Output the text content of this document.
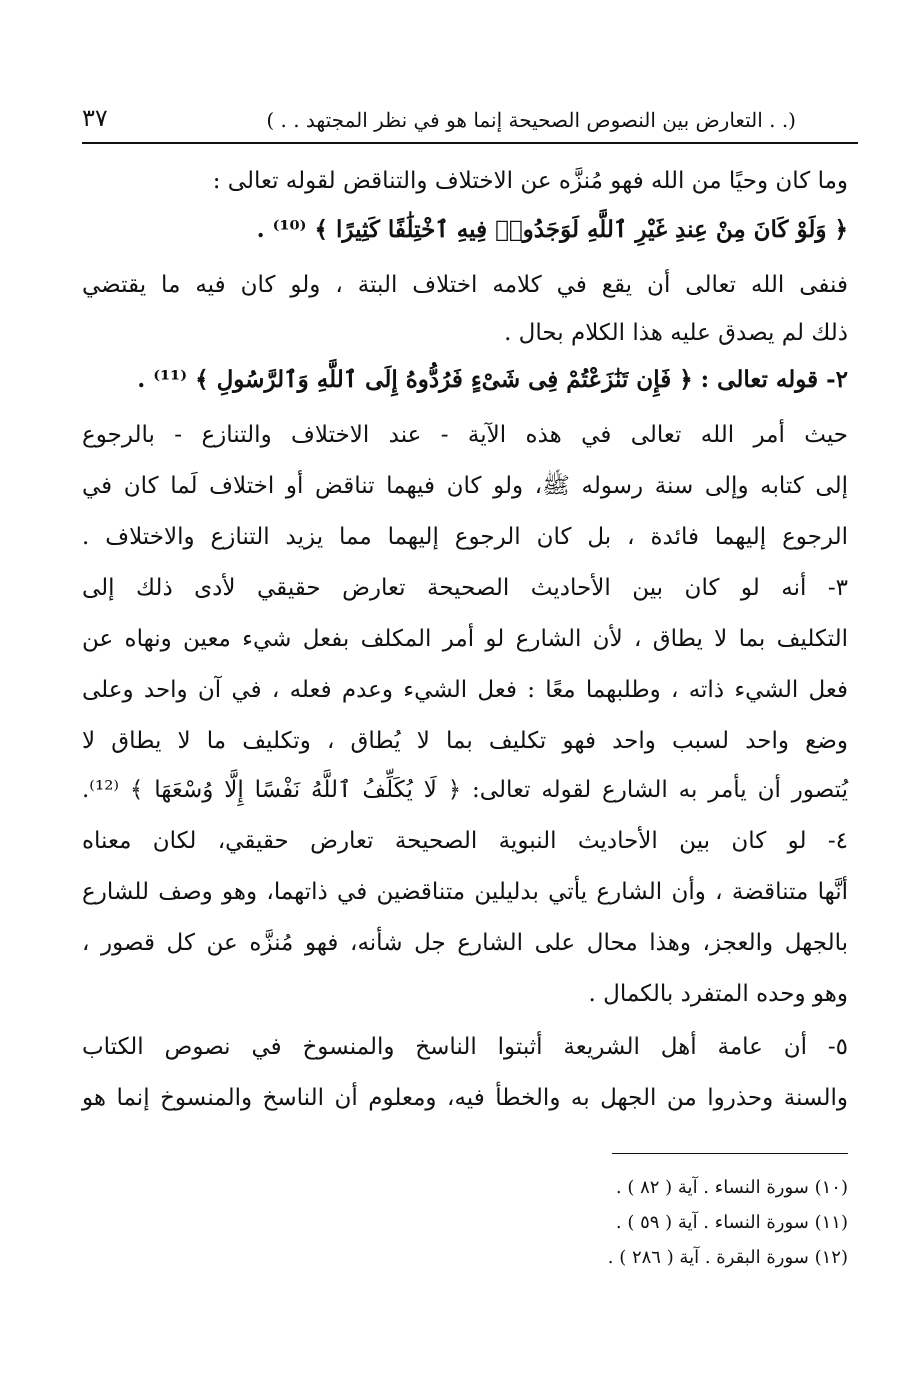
(. . التعارض بين النصوص الصحيحة إنما هو في نظر المجتهد . . )
٣٧
وما كان وحيًا من الله فهو مُنزَّه عن الاختلاف والتناقض لقوله تعالى :
﴿ وَلَوْ كَانَ مِنْ عِندِ غَيْرِ ٱللَّهِ لَوَجَدُوا۟ فِيهِ ٱخْتِلَٰفًا كَثِيرًا ﴾ ⁽¹⁰⁾ .
فنفى الله تعالى أن يقع في كلامه اختلاف البتة ، ولو كان فيه ما يقتضي
ذلك لم يصدق عليه هذا الكلام بحال .
٢- قوله تعالى : ﴿ فَإِن تَنَٰزَعْتُمْ فِى شَىْءٍ فَرُدُّوهُ إِلَى ٱللَّهِ وَٱلرَّسُولِ ﴾ ⁽¹¹⁾ .
حيث أمر الله تعالى في هذه الآية - عند الاختلاف والتنازع - بالرجوع
إلى كتابه وإلى سنة رسوله ﷺ، ولو كان فيهما تناقض أو اختلاف لَما كان في
الرجوع إليهما فائدة ، بل كان الرجوع إليهما مما يزيد التنازع والاختلاف .
٣- أنه لو كان بين الأحاديث الصحيحة تعارض حقيقي لأدى ذلك إلى
التكليف بما لا يطاق ، لأن الشارع لو أمر المكلف بفعل شيء معين ونهاه عن
فعل الشيء ذاته ، وطلبهما معًا : فعل الشيء وعدم فعله ، في آن واحد وعلى
وضع واحد لسبب واحد فهو تكليف بما لا يُطاق ، وتكليف ما لا يطاق لا
يُتصور أن يأمر به الشارع لقوله تعالى: ﴿ لَا يُكَلِّفُ ٱللَّهُ نَفْسًا إِلَّا وُسْعَهَا ﴾ ⁽¹²⁾.
٤- لو كان بين الأحاديث النبوية الصحيحة تعارض حقيقي، لكان معناه
أنَّها متناقضة ، وأن الشارع يأتي بدليلين متناقضين في ذاتهما، وهو وصف للشارع
بالجهل والعجز، وهذا محال على الشارع جل شأنه، فهو مُنزَّه عن كل قصور ،
وهو وحده المتفرد بالكمال .
٥- أن عامة أهل الشريعة أثبتوا الناسخ والمنسوخ في نصوص الكتاب
والسنة وحذروا من الجهل به والخطأ فيه، ومعلوم أن الناسخ والمنسوخ إنما هو
(١٠) سورة النساء . آية ( ٨٢ ) .
(١١) سورة النساء . آية ( ٥٩ ) .
(١٢) سورة البقرة . آية ( ٢٨٦ ) .
